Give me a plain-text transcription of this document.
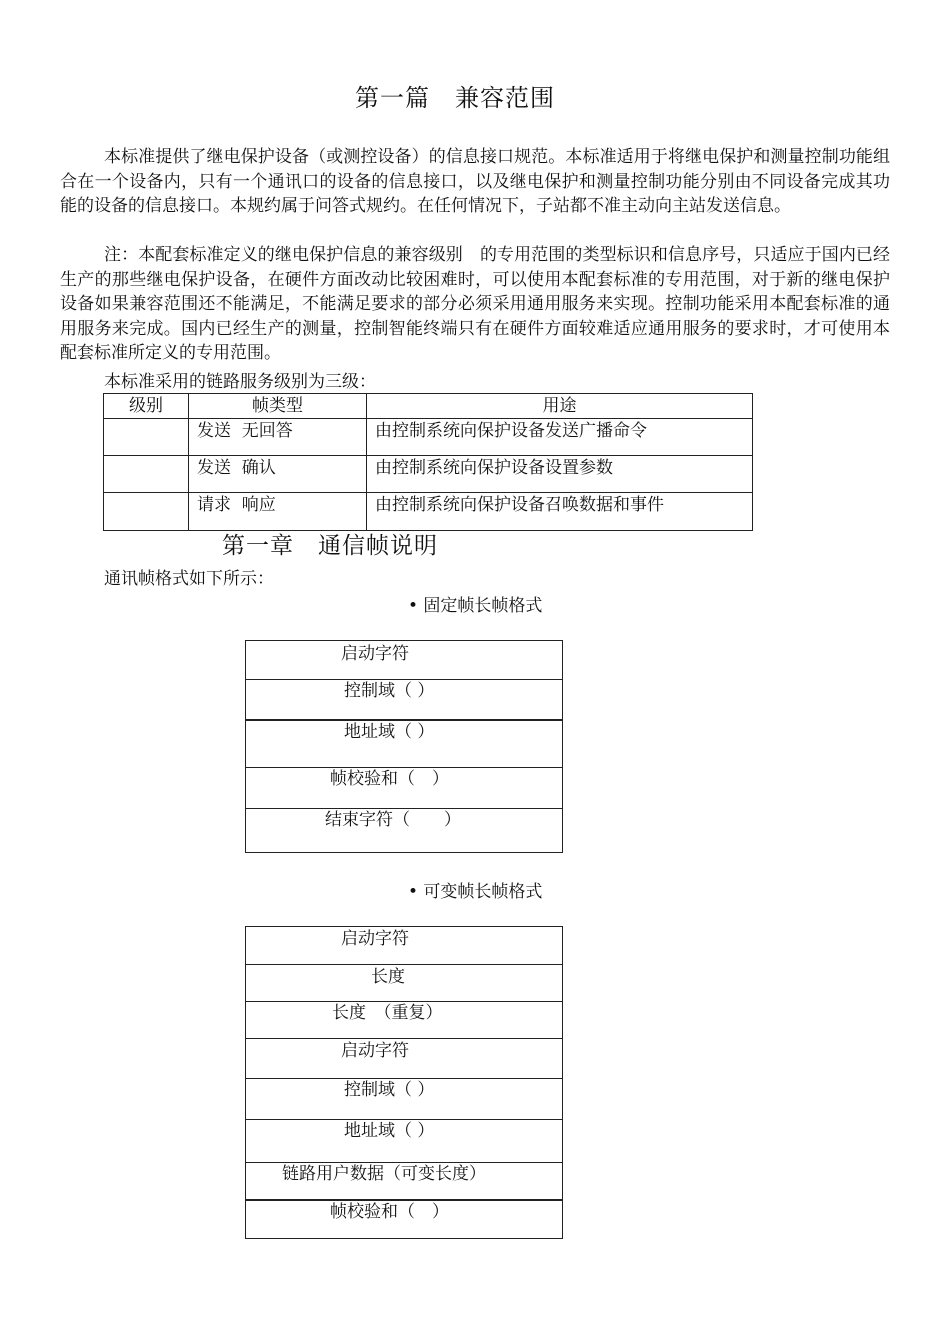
第一篇　兼容范围
本标准提供了继电保护设备（或测控设备）的信息接口规范。本标准适用于将继电保护和测量控制功能组合在一个设备内，只有一个通讯口的设备的信息接口，以及继电保护和测量控制功能分别由不同设备完成其功能的设备的信息接口。本规约属于问答式规约。在任何情况下，子站都不准主动向主站发送信息。
注：本配套标准定义的继电保护信息的兼容级别　的专用范围的类型标识和信息序号，只适应于国内已经生产的那些继电保护设备，在硬件方面改动比较困难时，可以使用本配套标准的专用范围，对于新的继电保护设备如果兼容范围还不能满足，不能满足要求的部分必须采用通用服务来实现。控制功能采用本配套标准的通用服务来完成。国内已经生产的测量，控制智能终端只有在硬件方面较难适应通用服务的要求时，才可使用本配套标准所定义的专用范围。
本标准采用的链路服务级别为三级：
级别	帧类型	用途
	发送  无回答	由控制系统向保护设备发送广播命令
	发送  确认	由控制系统向保护设备设置参数
	请求  响应	由控制系统向保护设备召唤数据和事件
第一章　通信帧说明
通讯帧格式如下所示：
• 固定帧长帧格式
启动字符
控制域（ ）
地址域（ ）
帧校验和（　）
结束字符（　　）
• 可变帧长帧格式
启动字符
长度
长度　（重复）
启动字符
控制域（ ）
地址域（ ）
链路用户数据（可变长度）
帧校验和（　）
